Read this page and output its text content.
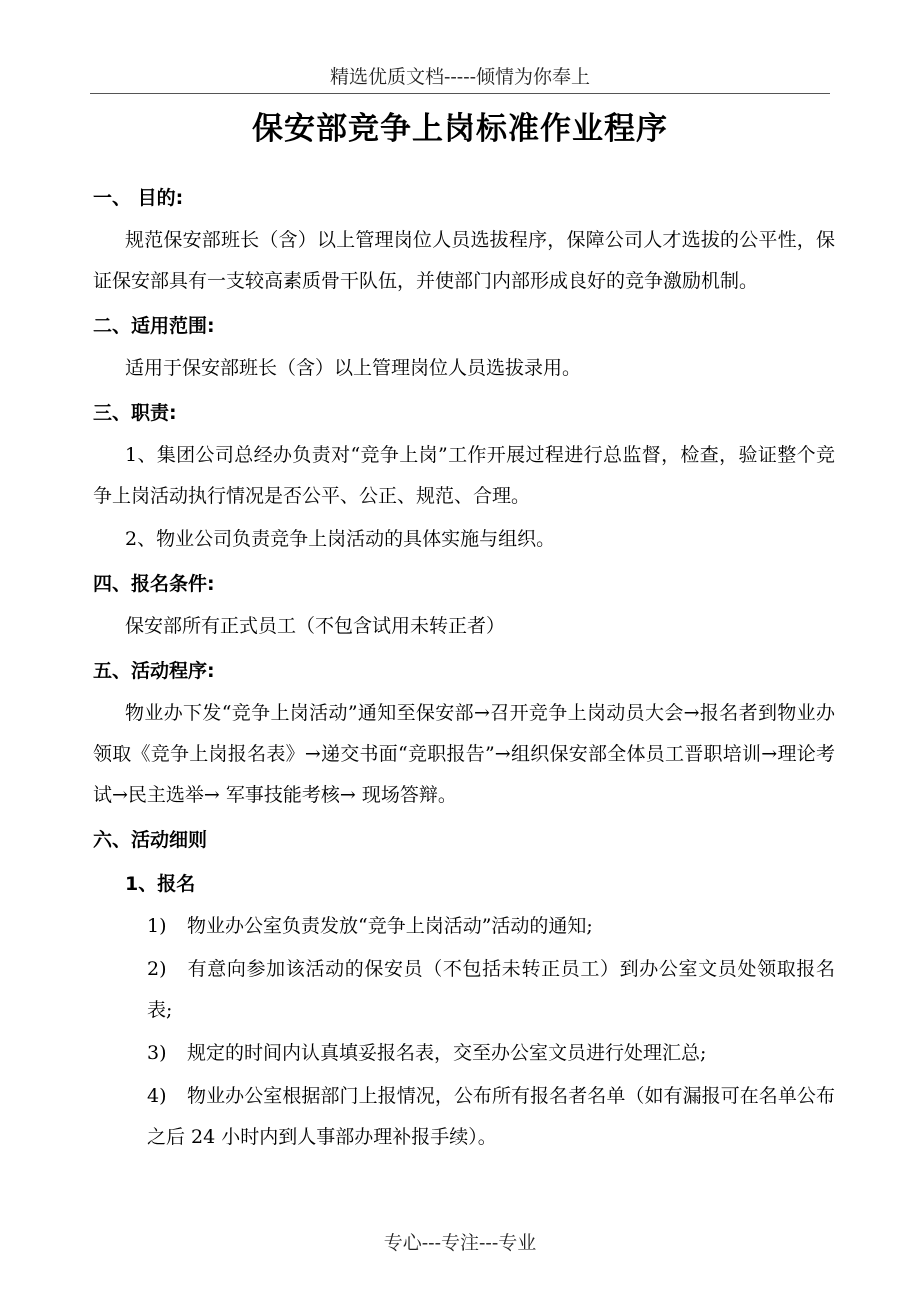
精选优质文档-----倾情为你奉上
保安部竞争上岗标准作业程序
一、 目的:
规范保安部班长（含）以上管理岗位人员选拔程序，保障公司人才选拔的公平性，保证保安部具有一支较高素质骨干队伍，并使部门内部形成良好的竞争激励机制。
二、适用范围:
适用于保安部班长（含）以上管理岗位人员选拔录用。
三、职责:
1、集团公司总经办负责对“竞争上岗”工作开展过程进行总监督，检查，验证整个竞争上岗活动执行情况是否公平、公正、规范、合理。
2、物业公司负责竞争上岗活动的具体实施与组织。
四、报名条件:
保安部所有正式员工（不包含试用未转正者）
五、活动程序:
物业办下发“竞争上岗活动”通知至保安部→召开竞争上岗动员大会→报名者到物业办领取《竞争上岗报名表》→递交书面“竞职报告”→组织保安部全体员工晋职培训→理论考试→民主选举→ 军事技能考核→ 现场答辩。
六、活动细则
1、报名
1) 物业办公室负责发放“竞争上岗活动”活动的通知;
2) 有意向参加该活动的保安员（不包括未转正员工）到办公室文员处领取报名表;
3) 规定的时间内认真填妥报名表，交至办公室文员进行处理汇总;
4) 物业办公室根据部门上报情况，公布所有报名者名单（如有漏报可在名单公布之后 24 小时内到人事部办理补报手续）。
专心---专注---专业
